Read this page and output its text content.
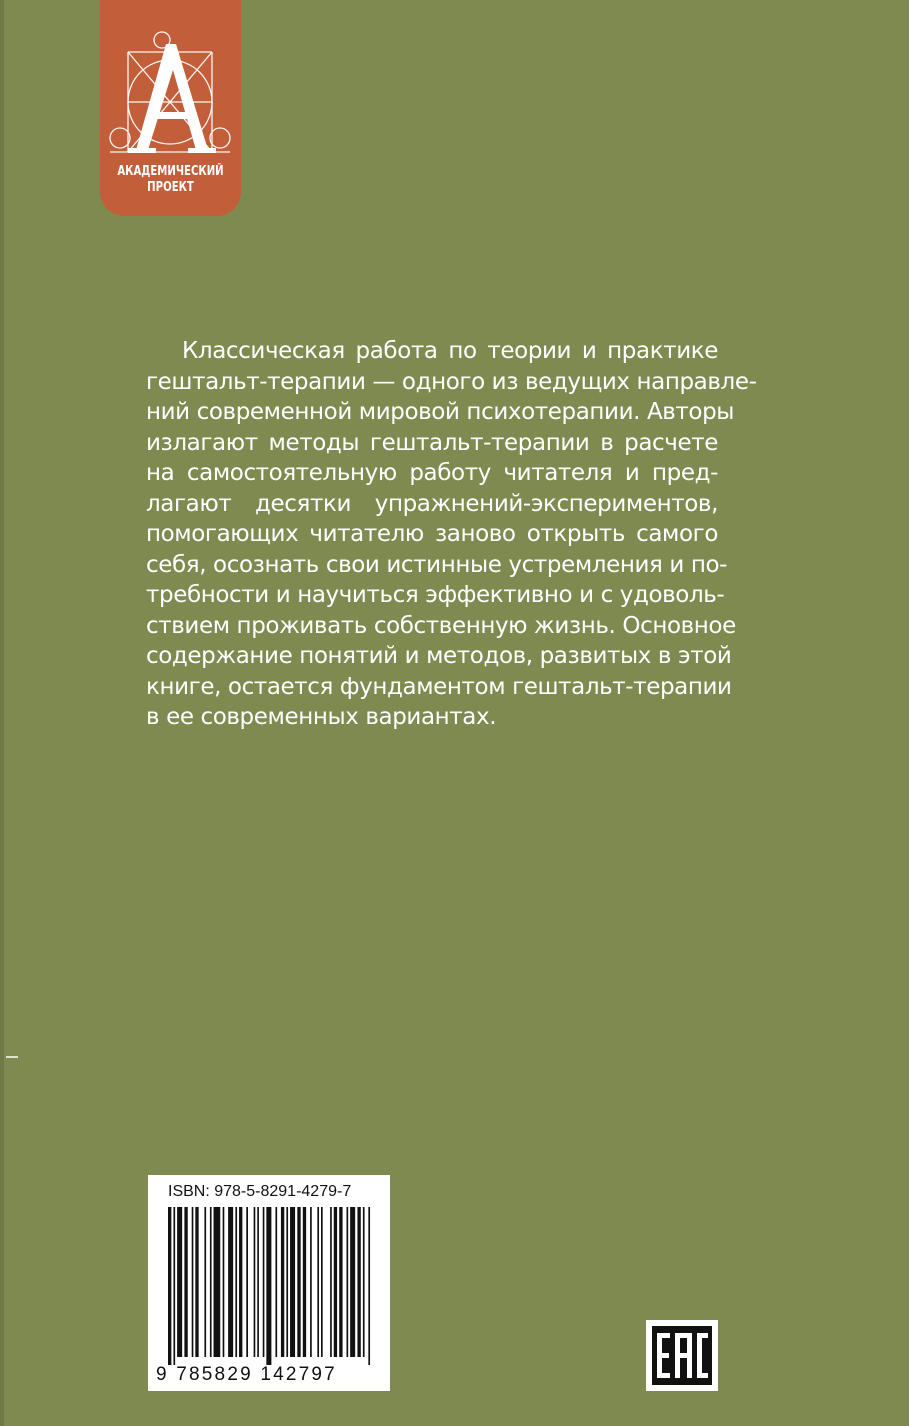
АКАДЕМИЧЕСКИЙ
ПРОЕКТ
Классическая работа по теории и практике
гештальт-терапии — одного из ведущих направле-
ний современной мировой психотерапии. Авторы
излагают методы гештальт-терапии в расчете
на самостоятельную работу читателя и пред-
лагают десятки упражнений-экспериментов,
помогающих читателю заново открыть самого
себя, осознать свои истинные устремления и по-
требности и научиться эффективно и с удоволь-
ствием проживать собственную жизнь. Основное
содержание понятий и методов, развитых в этой
книге, остается фундаментом гештальт-терапии
в ее современных вариантах.
ISBN: 978-5-8291-4279-7
9 785829 142797
